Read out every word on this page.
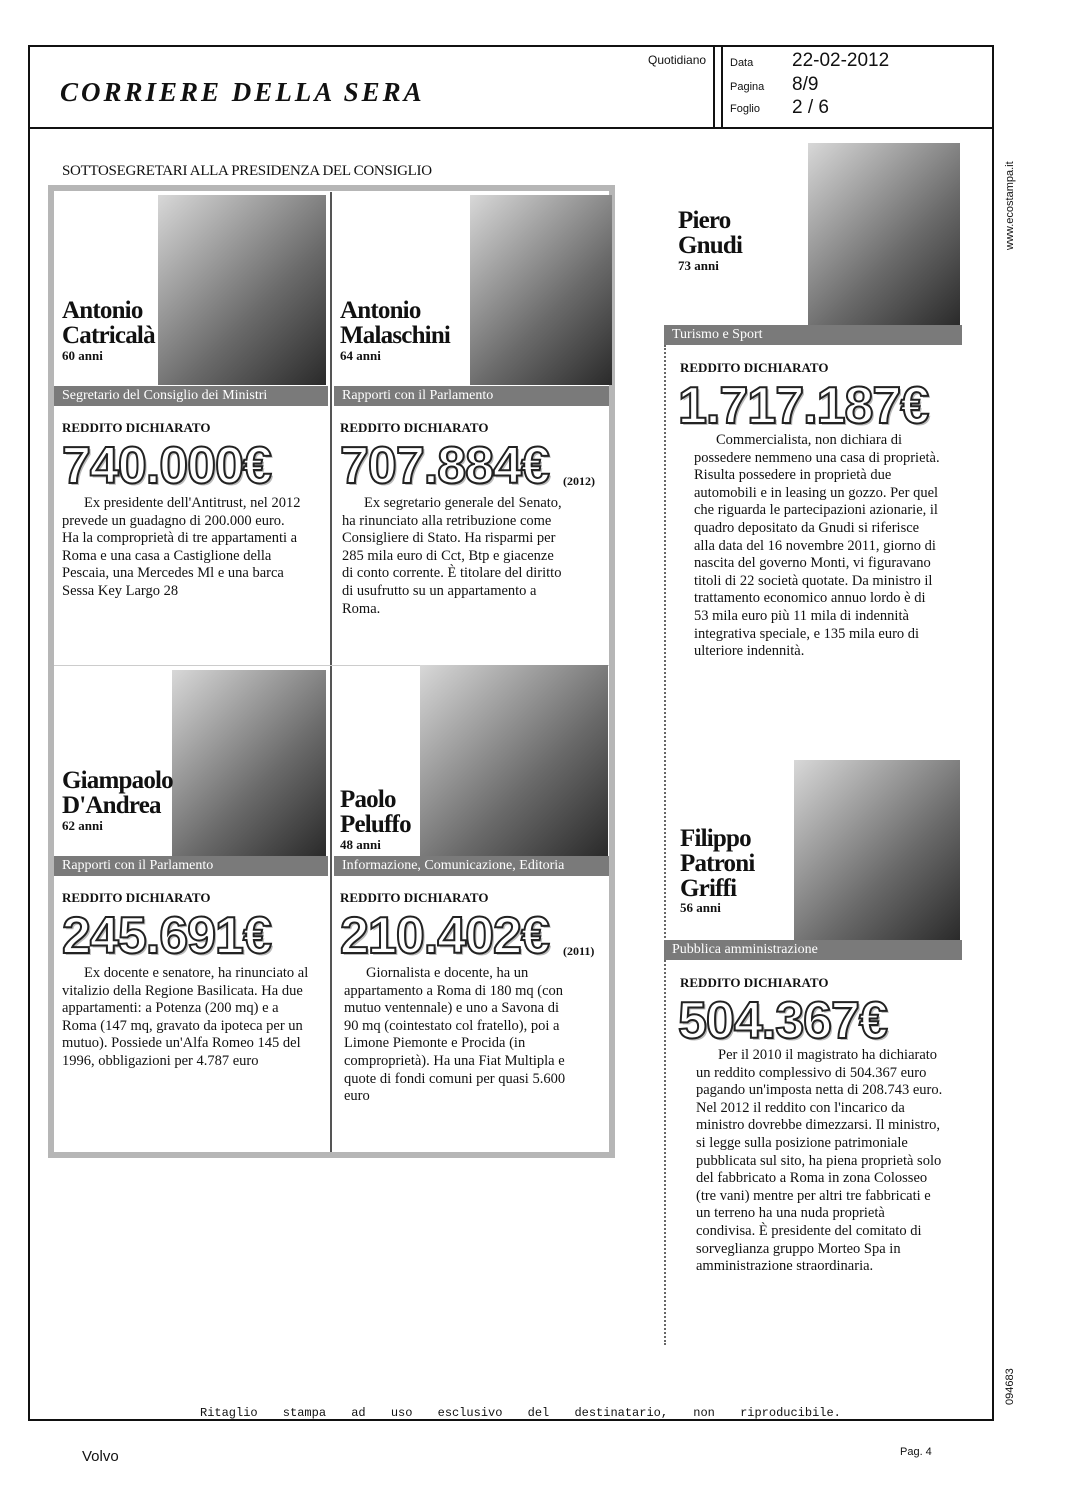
CORRIERE DELLA SERA
Quotidiano Data 22-02-2012
Pagina 8/9
Foglio 2 / 6
SOTTOSEGRETARI ALLA PRESIDENZA DEL CONSIGLIO
Antonio
Catricalà
60 anni
Segretario del Consiglio dei Ministri
REDDITO DICHIARATO
740.000€
Ex presidente dell'Antitrust, nel 2012 prevede un guadagno di 200.000 euro. Ha la comproprietà di tre appartamenti a Roma e una casa a Castiglione della Pescaia, una Mercedes Ml e una barca Sessa Key Largo 28
Antonio
Malaschini
64 anni
Rapporti con il Parlamento
REDDITO DICHIARATO
707.884€ (2012)
Ex segretario generale del Senato, ha rinunciato alla retribuzione come Consigliere di Stato. Ha risparmi per 285 mila euro di Cct, Btp e giacenze di conto corrente. È titolare del diritto di usufrutto su un appartamento a Roma.
Giampaolo
D'Andrea
62 anni
Rapporti con il Parlamento
REDDITO DICHIARATO
245.691€
Ex docente e senatore, ha rinunciato al vitalizio della Regione Basilicata. Ha due appartamenti: a Potenza (200 mq) e a Roma (147 mq, gravato da ipoteca per un mutuo). Possiede un'Alfa Romeo 145 del 1996, obbligazioni per 4.787 euro
Paolo
Peluffo
48 anni
Informazione, Comunicazione, Editoria
REDDITO DICHIARATO
210.402€ (2011)
Giornalista e docente, ha un appartamento a Roma di 180 mq (con mutuo ventennale) e uno a Savona di 90 mq (cointestato col fratello), poi a Limone Piemonte e Procida (in comproprietà). Ha una Fiat Multipla e quote di fondi comuni per quasi 5.600 euro
Piero
Gnudi
73 anni
Turismo e Sport
REDDITO DICHIARATO
1.717.187€
Commercialista, non dichiara di possedere nemmeno una casa di proprietà. Risulta possedere in proprietà due automobili e in leasing un gozzo. Per quel che riguarda le partecipazioni azionarie, il quadro depositato da Gnudi si riferisce alla data del 16 novembre 2011, giorno di nascita del governo Monti, vi figuravano titoli di 22 società quotate. Da ministro il trattamento economico annuo lordo è di 53 mila euro più 11 mila di indennità integrativa speciale, e 135 mila euro di ulteriore indennità.
Filippo
Patroni
Griffi
56 anni
Pubblica amministrazione
REDDITO DICHIARATO
504.367€
Per il 2010 il magistrato ha dichiarato un reddito complessivo di 504.367 euro pagando un'imposta netta di 208.743 euro. Nel 2012 il reddito con l'incarico da ministro dovrebbe dimezzarsi. Il ministro, si legge sulla posizione patrimoniale pubblicata sul sito, ha piena proprietà solo del fabbricato a Roma in zona Colosseo (tre vani) mentre per altri tre fabbricati e un terreno ha una nuda proprietà condivisa. È presidente del comitato di sorveglianza gruppo Morteo Spa in amministrazione straordinaria.
www.ecostampa.it
094683
Ritaglio stampa ad uso esclusivo del destinatario, non riproducibile.
Volvo	Pag. 4
